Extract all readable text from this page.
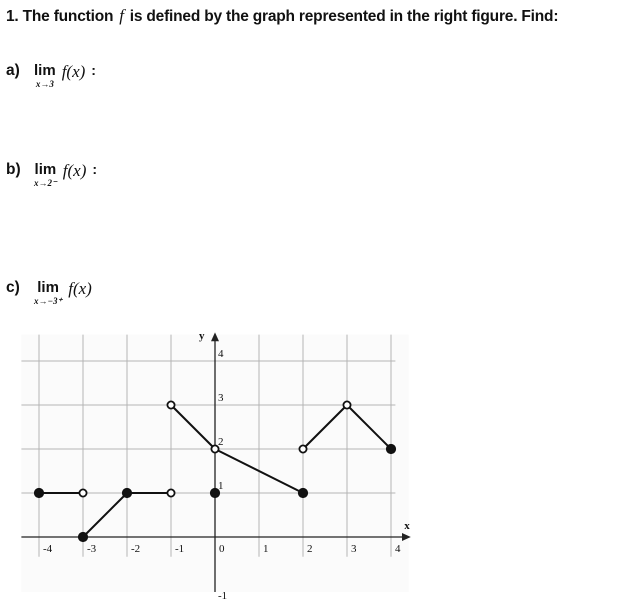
1. The function f is defined by the graph represented in the right figure. Find:
a) lim
x→3
f(x) :
b) lim
x→2⁻
f(x) :
c) lim
x→−3⁺
f(x)
-4	-3	-2	-1	0	1	2	3	4
4
3
2
1
-1
x
y
